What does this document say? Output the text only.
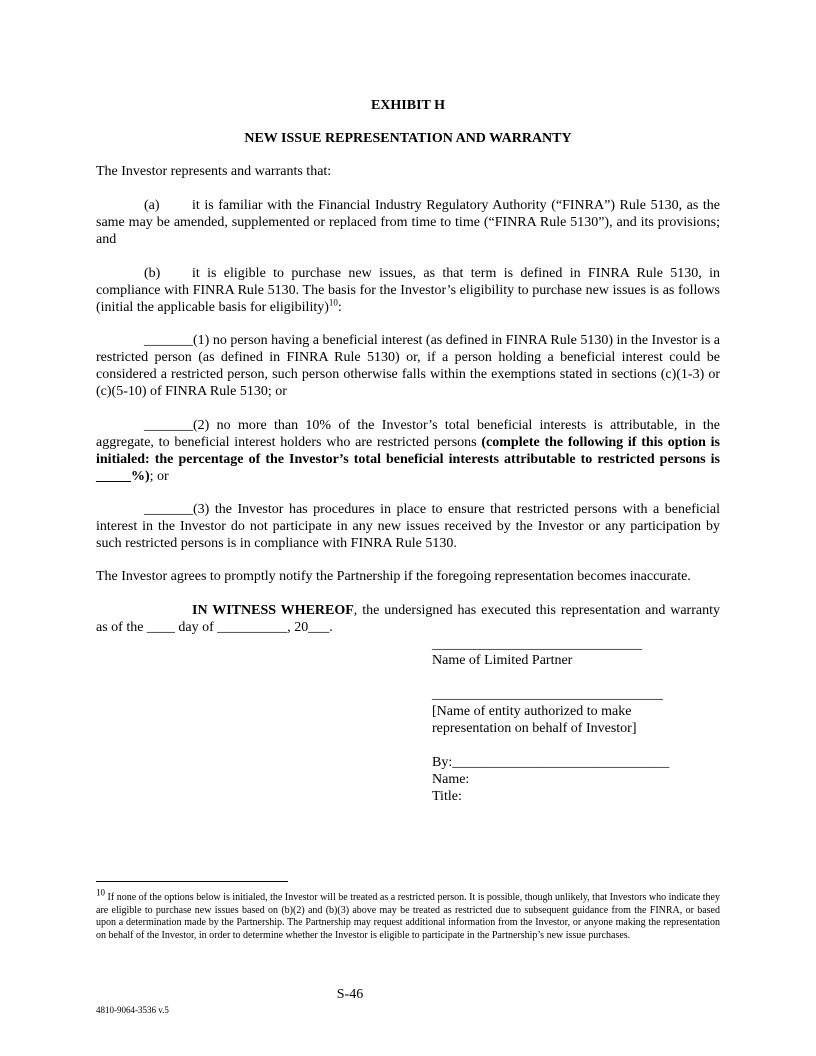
EXHIBIT H

NEW ISSUE REPRESENTATION AND WARRANTY

The Investor represents and warrants that:

(a) it is familiar with the Financial Industry Regulatory Authority (“FINRA”) Rule 5130, as the same may be amended, supplemented or replaced from time to time (“FINRA Rule 5130”), and its provisions; and

(b) it is eligible to purchase new issues, as that term is defined in FINRA Rule 5130, in compliance with FINRA Rule 5130. The basis for the Investor’s eligibility to purchase new issues is as follows (initial the applicable basis for eligibility)$^{10}$:

_______(1) no person having a beneficial interest (as defined in FINRA Rule 5130) in the Investor is a restricted person (as defined in FINRA Rule 5130) or, if a person holding a beneficial interest could be considered a restricted person, such person otherwise falls within the exemptions stated in sections (c)(1-3) or (c)(5-10) of FINRA Rule 5130; or

_______(2) no more than 10% of the Investor’s total beneficial interests is attributable, in the aggregate, to beneficial interest holders who are restricted persons (complete the following if this option is initialed: the percentage of the Investor’s total beneficial interests attributable to restricted persons is _____%); or

_______(3) the Investor has procedures in place to ensure that restricted persons with a beneficial interest in the Investor do not participate in any new issues received by the Investor or any participation by such restricted persons is in compliance with FINRA Rule 5130.

The Investor agrees to promptly notify the Partnership if the foregoing representation becomes inaccurate.

IN WITNESS WHEREOF, the undersigned has executed this representation and warranty as of the ____ day of __________, 20___.

______________________________

Name of Limited Partner

_________________________________

[Name of entity authorized to make

representation on behalf of Investor]

By:_______________________________

Name:

Title:

$^{10}$ If none of the options below is initialed, the Investor will be treated as a restricted person. It is possible, though unlikely, that Investors who indicate they are eligible to purchase new issues based on (b)(2) and (b)(3) above may be treated as restricted due to subsequent guidance from the FINRA, or based upon a determination made by the Partnership. The Partnership may request additional information from the Investor, or anyone making the representation on behalf of the Investor, in order to determine whether the Investor is eligible to participate in the Partnership’s new issue purchases.

S-46
4810-9064-3536 v.5
